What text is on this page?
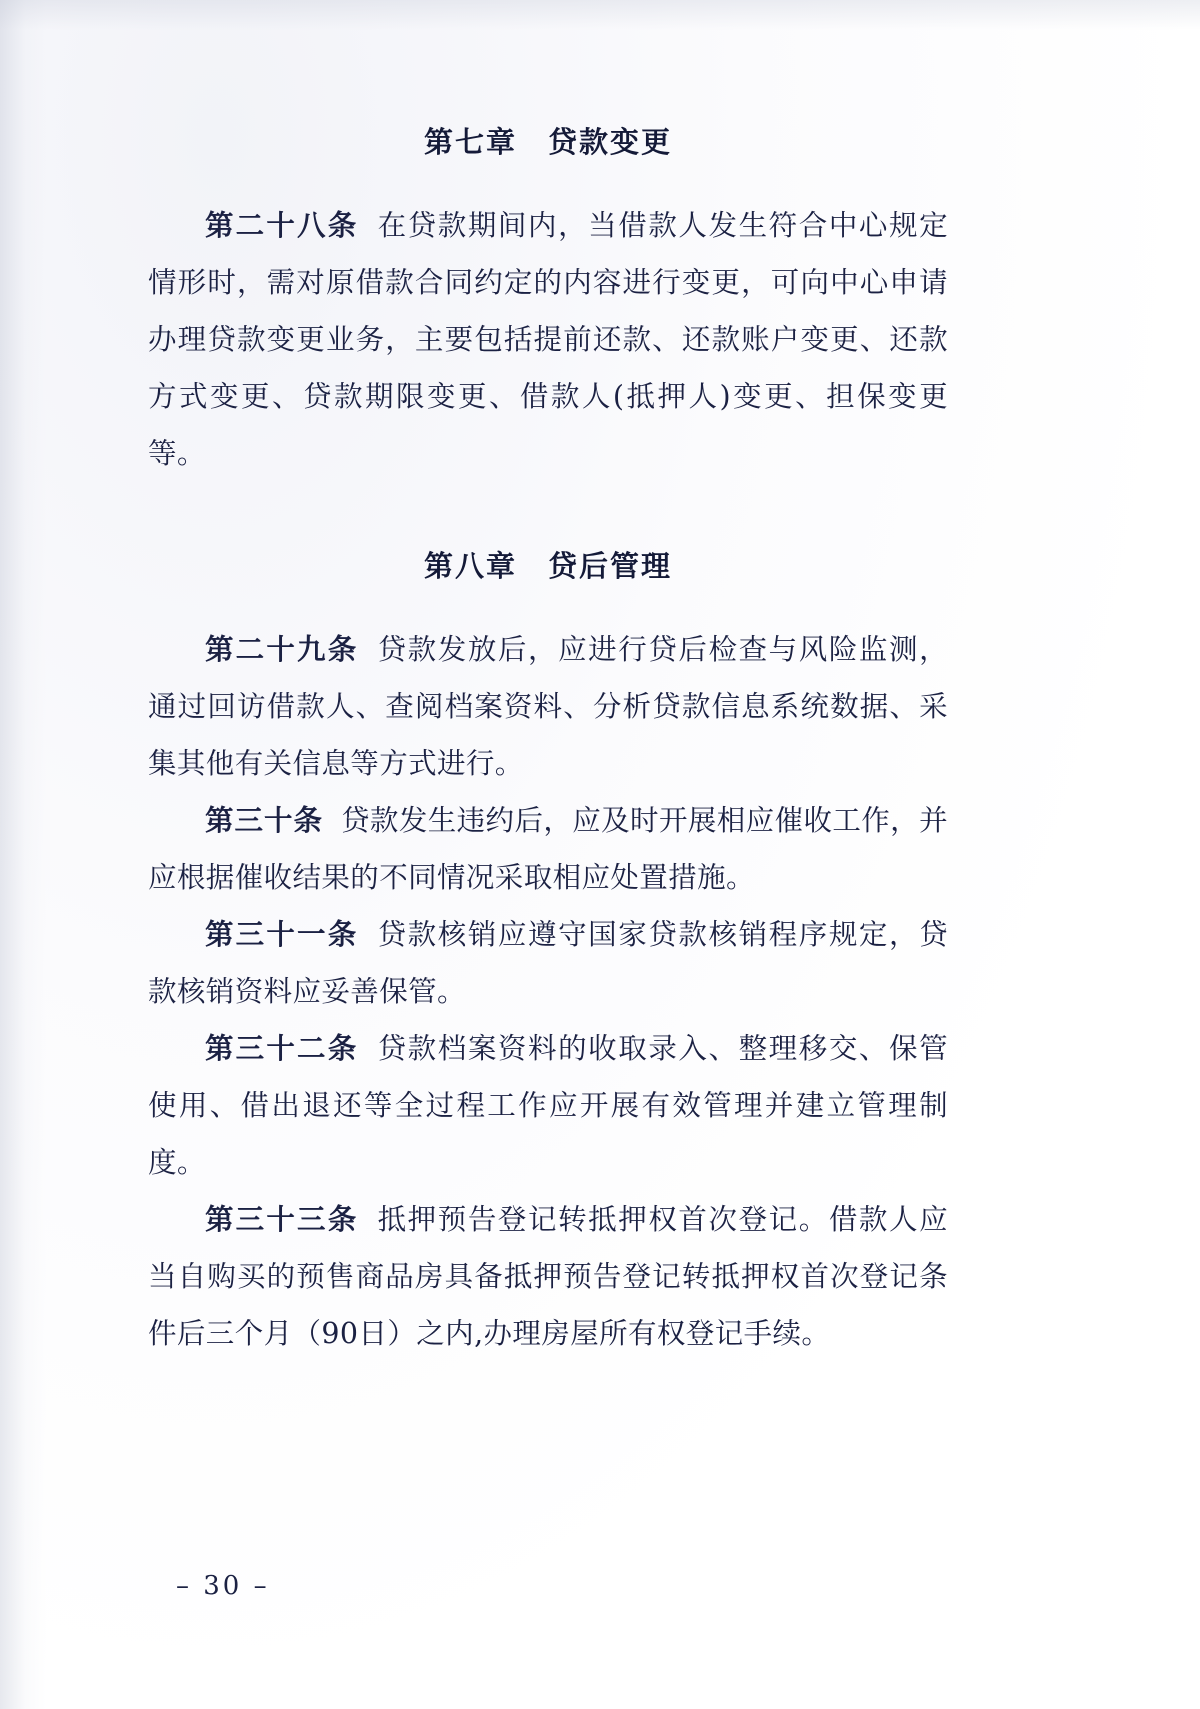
第七章　贷款变更

第二十八条 在贷款期间内，当借款人发生符合中心规定情形时，需对原借款合同约定的内容进行变更，可向中心申请办理贷款变更业务，主要包括提前还款、还款账户变更、还款方式变更、贷款期限变更、借款人(抵押人)变更、担保变更等。

第八章　贷后管理

第二十九条 贷款发放后，应进行贷后检查与风险监测，通过回访借款人、查阅档案资料、分析贷款信息系统数据、采集其他有关信息等方式进行。

第三十条 贷款发生违约后，应及时开展相应催收工作，并应根据催收结果的不同情况采取相应处置措施。

第三十一条 贷款核销应遵守国家贷款核销程序规定，贷款核销资料应妥善保管。

第三十二条 贷款档案资料的收取录入、整理移交、保管使用、借出退还等全过程工作应开展有效管理并建立管理制度。

第三十三条 抵押预告登记转抵押权首次登记。借款人应当自购买的预售商品房具备抵押预告登记转抵押权首次登记条件后三个月（90日）之内,办理房屋所有权登记手续。

– 30 –
